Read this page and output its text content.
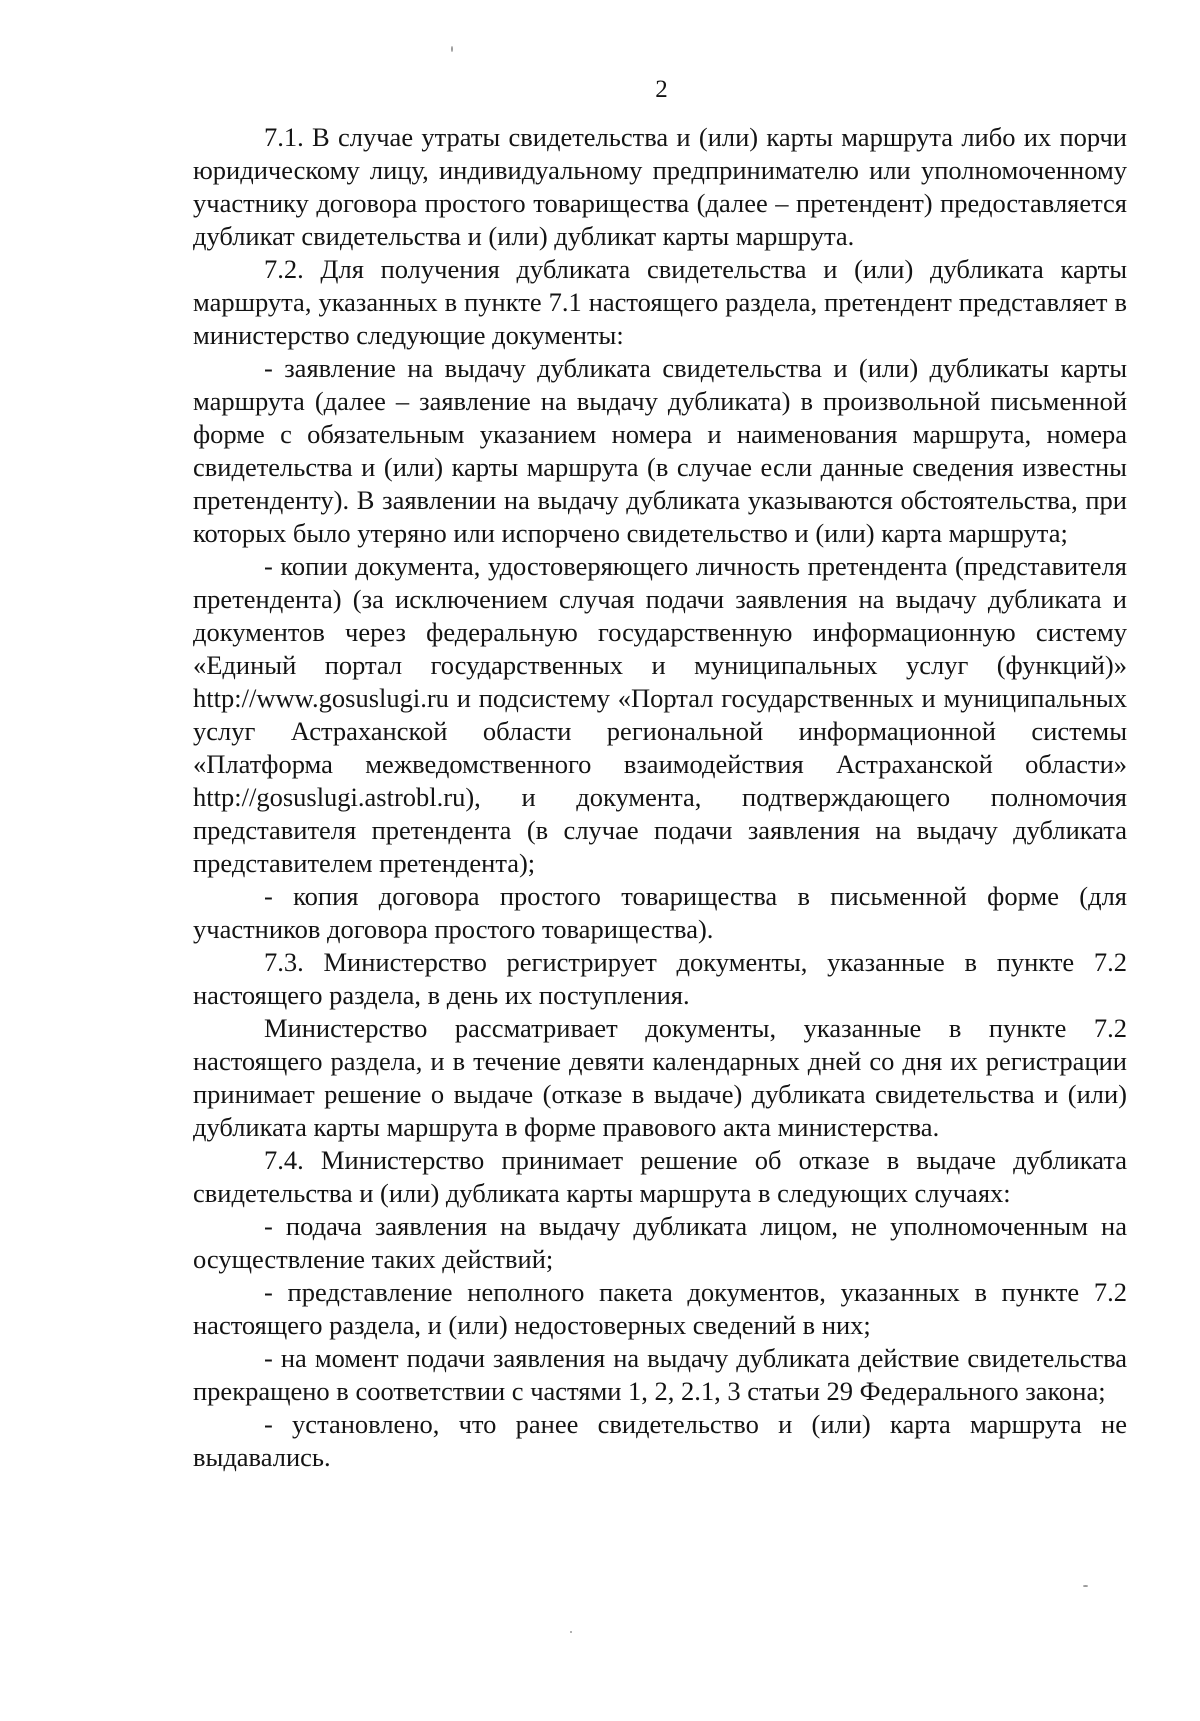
2

7.1. В случае утраты свидетельства и (или) карты маршрута либо их порчи юридическому лицу, индивидуальному предпринимателю или уполномоченному участнику договора простого товарищества (далее – претендент) предоставляется дубликат свидетельства и (или) дубликат карты маршрута.

7.2. Для получения дубликата свидетельства и (или) дубликата карты маршрута, указанных в пункте 7.1 настоящего раздела, претендент представляет в министерство следующие документы:

- заявление на выдачу дубликата свидетельства и (или) дубликаты карты маршрута (далее – заявление на выдачу дубликата) в произвольной письменной форме с обязательным указанием номера и наименования маршрута, номера свидетельства и (или) карты маршрута (в случае если данные сведения известны претенденту). В заявлении на выдачу дубликата указываются обстоятельства, при которых было утеряно или испорчено свидетельство и (или) карта маршрута;

- копии документа, удостоверяющего личность претендента (представителя претендента) (за исключением случая подачи заявления на выдачу дубликата и документов через федеральную государственную информационную систему «Единый портал государственных и муниципальных услуг (функций)» http://www.gosuslugi.ru и подсистему «Портал государственных и муниципальных услуг Астраханской области региональной информационной системы «Платформа межведомственного взаимодействия Астраханской области» http://gosuslugi.astrobl.ru), и документа, подтверждающего полномочия представителя претендента (в случае подачи заявления на выдачу дубликата представителем претендента);

- копия договора простого товарищества в письменной форме (для участников договора простого товарищества).

7.3. Министерство регистрирует документы, указанные в пункте 7.2 настоящего раздела, в день их поступления.

Министерство рассматривает документы, указанные в пункте 7.2 настоящего раздела, и в течение девяти календарных дней со дня их регистрации принимает решение о выдаче (отказе в выдаче) дубликата свидетельства и (или) дубликата карты маршрута в форме правового акта министерства.

7.4. Министерство принимает решение об отказе в выдаче дубликата свидетельства и (или) дубликата карты маршрута в следующих случаях:

- подача заявления на выдачу дубликата лицом, не уполномоченным на осуществление таких действий;

- представление неполного пакета документов, указанных в пункте 7.2 настоящего раздела, и (или) недостоверных сведений в них;

- на момент подачи заявления на выдачу дубликата действие свидетельства прекращено в соответствии с частями 1, 2, 2.1, 3 статьи 29 Федерального закона;

- установлено, что ранее свидетельство и (или) карта маршрута не выдавались.
